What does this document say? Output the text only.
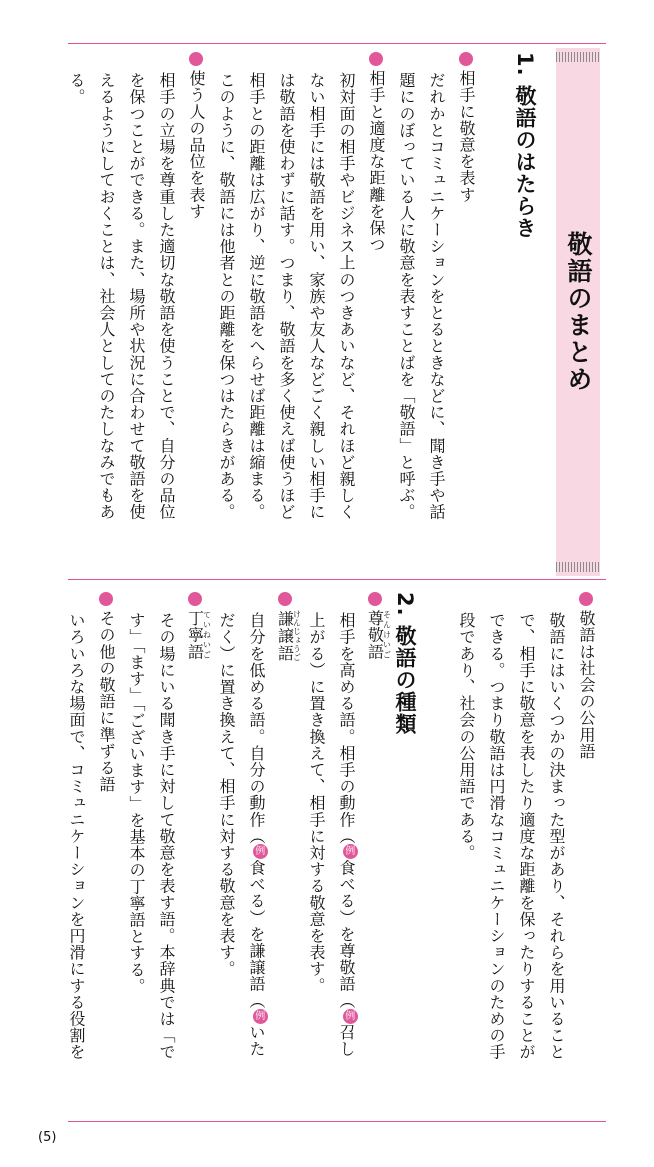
敬語のまとめ
1. 敬語のはたらき
相手に敬意を表す
だれかとコミュニケーションをとるときなどに、聞き手や話
題にのぼっている人に敬意を表すことばを「敬語」と呼ぶ。
相手と適度な距離を保つ
初対面の相手やビジネス上のつきあいなど、それほど親しく
ない相手には敬語を用い、家族や友人などごく親しい相手に
は敬語を使わずに話す。つまり、敬語を多く使えば使うほど
相手との距離は広がり、逆に敬語をへらせば距離は縮まる。
このように、敬語には他者との距離を保つはたらきがある。
使う人の品位を表す
相手の立場を尊重した適切な敬語を使うことで、自分の品位
を保つことができる。また、場所や状況に合わせて敬語を使
えるようにしておくことは、社会人としてのたしなみでもあ
る。
敬語は社会の公用語
敬語にはいくつかの決まった型があり、それらを用いること
で、相手に敬意を表したり適度な距離を保ったりすることが
できる。つまり敬語は円滑なコミュニケーションのための手
段であり、社会の公用語である。
2. 敬語の種類
尊敬語そんけいご
相手を高める語。相手の動作（例食べる）を尊敬語（例召し
上がる）に置き換えて、相手に対する敬意を表す。
謙譲語けんじょうご
自分を低める語。自分の動作（例食べる）を謙譲語（例いた
だく）に置き換えて、相手に対する敬意を表す。
丁寧語ていねいご
その場にいる聞き手に対して敬意を表す語。本辞典では「で
す」「ます」「ございます」を基本の丁寧語とする。
その他の敬語に準ずる語
いろいろな場面で、コミュニケーションを円滑にする役割を
(5)
